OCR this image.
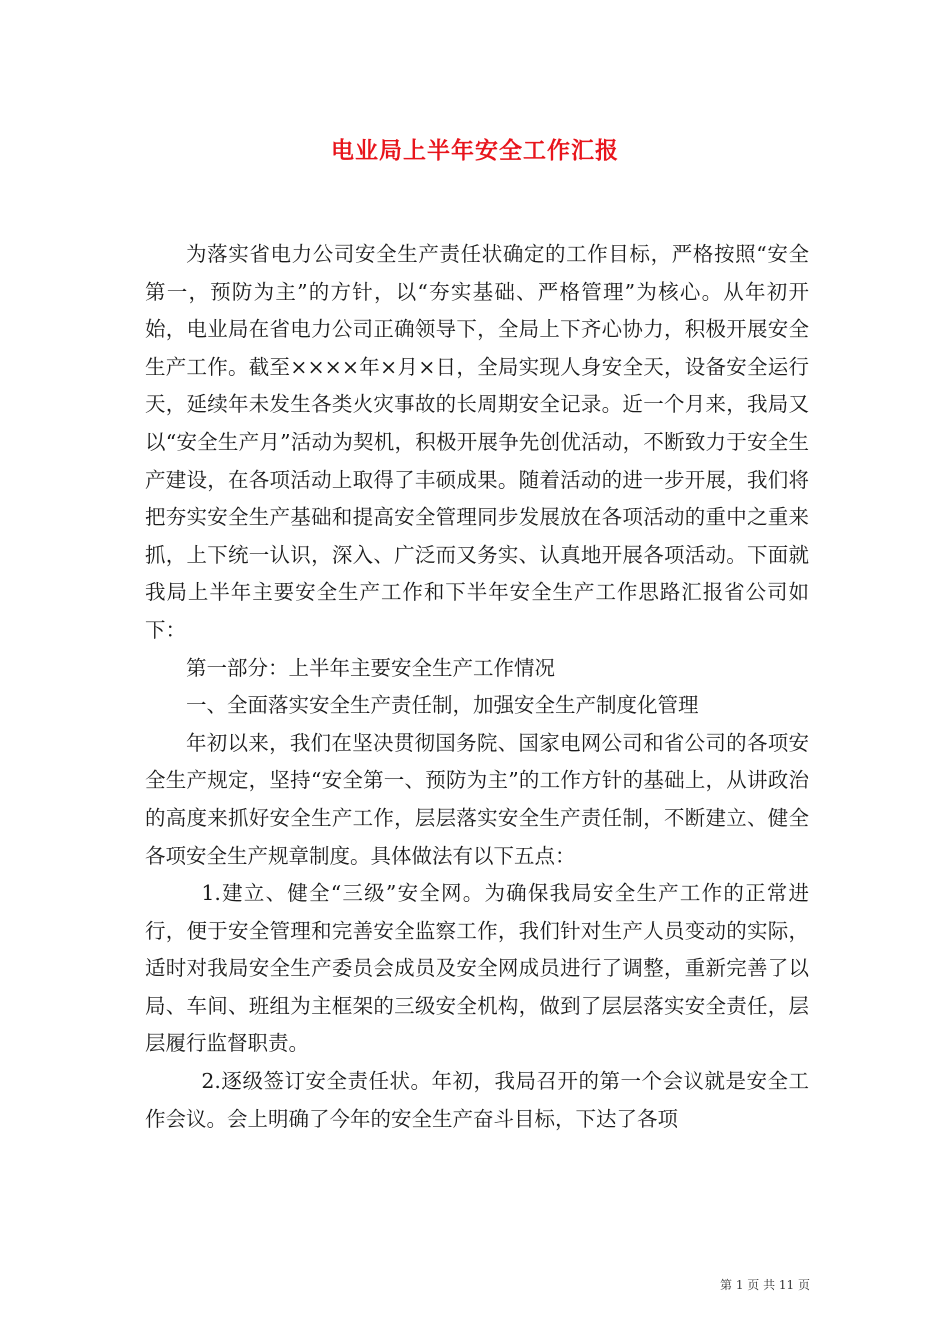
电业局上半年安全工作汇报

为落实省电力公司安全生产责任状确定的工作目标，严格按照“安全第一，预防为主”的方针，以“夯实基础、严格管理”为核心。从年初开始，电业局在省电力公司正确领导下，全局上下齐心协力，积极开展安全生产工作。截至××××年×月×日，全局实现人身安全天，设备安全运行天，延续年未发生各类火灾事故的长周期安全记录。近一个月来，我局又以“安全生产月”活动为契机，积极开展争先创优活动，不断致力于安全生产建设，在各项活动上取得了丰硕成果。随着活动的进一步开展，我们将把夯实安全生产基础和提高安全管理同步发展放在各项活动的重中之重来抓，上下统一认识，深入、广泛而又务实、认真地开展各项活动。下面就我局上半年主要安全生产工作和下半年安全生产工作思路汇报省公司如下：

第一部分：上半年主要安全生产工作情况

一、全面落实安全生产责任制，加强安全生产制度化管理

年初以来，我们在坚决贯彻国务院、国家电网公司和省公司的各项安全生产规定，坚持“安全第一、预防为主”的工作方针的基础上，从讲政治的高度来抓好安全生产工作，层层落实安全生产责任制，不断建立、健全各项安全生产规章制度。具体做法有以下五点：

1.建立、健全“三级”安全网。为确保我局安全生产工作的正常进行，便于安全管理和完善安全监察工作，我们针对生产人员变动的实际，适时对我局安全生产委员会成员及安全网成员进行了调整，重新完善了以局、车间、班组为主框架的三级安全机构，做到了层层落实安全责任，层层履行监督职责。

2.逐级签订安全责任状。年初，我局召开的第一个会议就是安全工作会议。会上明确了今年的安全生产奋斗目标，下达了各项

第 1 页 共 11 页
